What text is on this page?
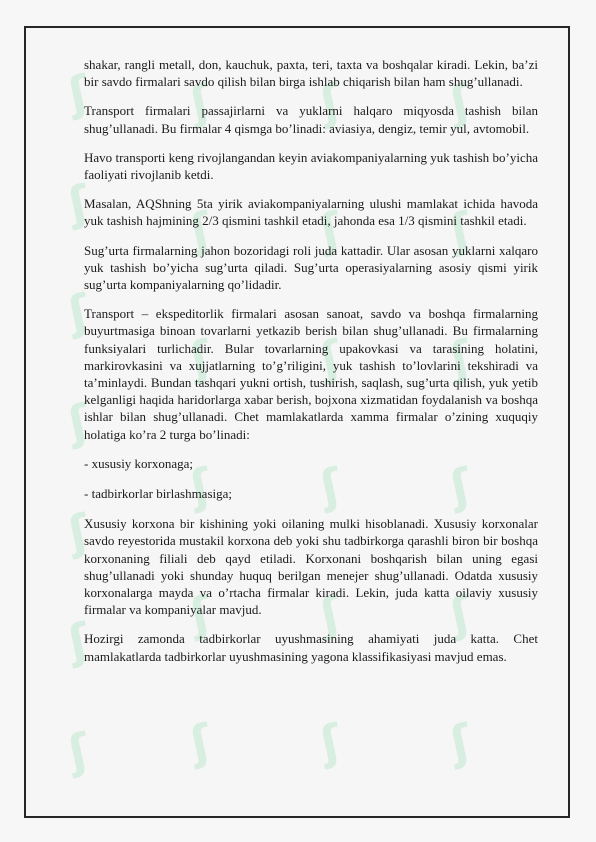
ʃ
ʃ
ʃ
ʃ
ʃ
ʃ
ʃ
ʃ
ʃ
ʃ
ʃ
ʃ
ʃ
ʃ
ʃ
ʃ
ʃ
ʃ
ʃ
ʃ
ʃ
ʃ
ʃ
ʃ
ʃ

shakar, rangli metall, don, kauchuk, paxta, teri, taxta va boshqalar kiradi. Lekin, ba’zi bir savdo firmalari savdo qilish bilan birga ishlab chiqarish bilan ham shug’ullanadi.

Transport firmalari passajirlarni va yuklarni halqaro miqyosda tashish bilan shug’ullanadi. Bu firmalar 4 qismga bo’linadi: aviasiya, dengiz, temir yul, avtomobil.

Havo transporti keng rivojlangandan keyin aviakompaniyalarning yuk tashish bo’yicha faoliyati rivojlanib ketdi.

Masalan, AQShning 5ta yirik aviakompaniyalarning ulushi mamlakat ichida havoda yuk tashish hajmining 2/3 qismini tashkil etadi, jahonda esa 1/3 qismini tashkil etadi.

Sug’urta firmalarning jahon bozoridagi roli juda kattadir. Ular asosan yuklarni xalqaro yuk tashish bo’yicha sug’urta qiladi. Sug’urta operasiyalarning asosiy qismi yirik sug’urta kompaniyalarning qo’lidadir.

Transport – ekspeditorlik firmalari asosan sanoat, savdo va boshqa firmalarning buyurtmasiga binoan tovarlarni yetkazib berish bilan shug’ullanadi. Bu firmalarning funksiyalari turlichadir. Bular tovarlarning upakovkasi va tarasining holatini, markirovkasini va xujjatlarning to’g’riligini, yuk tashish to’lovlarini tekshiradi va ta’minlaydi. Bundan tashqari yukni ortish, tushirish, saqlash, sug’urta qilish, yuk yetib kelganligi haqida haridorlarga xabar berish, bojxona xizmatidan foydalanish va boshqa ishlar bilan shug’ullanadi. Chet mamlakatlarda xamma firmalar o’zining xuquqiy holatiga ko’ra 2 turga bo’linadi:

- xususiy korxonaga;

- tadbirkorlar birlashmasiga;

Xususiy korxona bir kishining yoki oilaning mulki hisoblanadi. Xususiy korxonalar savdo reyestorida mustakil korxona deb yoki shu tadbirkorga qarashli biron bir boshqa korxonaning filiali deb qayd etiladi. Korxonani boshqarish bilan uning egasi shug’ullanadi yoki shunday huquq berilgan menejer shug’ullanadi. Odatda xususiy korxonalarga mayda va o’rtacha firmalar kiradi. Lekin, juda katta oilaviy xususiy firmalar va kompaniyalar mavjud.

Hozirgi zamonda tadbirkorlar uyushmasining ahamiyati juda katta. Chet mamlakatlarda tadbirkorlar uyushmasining yagona klassifikasiyasi mavjud emas.
